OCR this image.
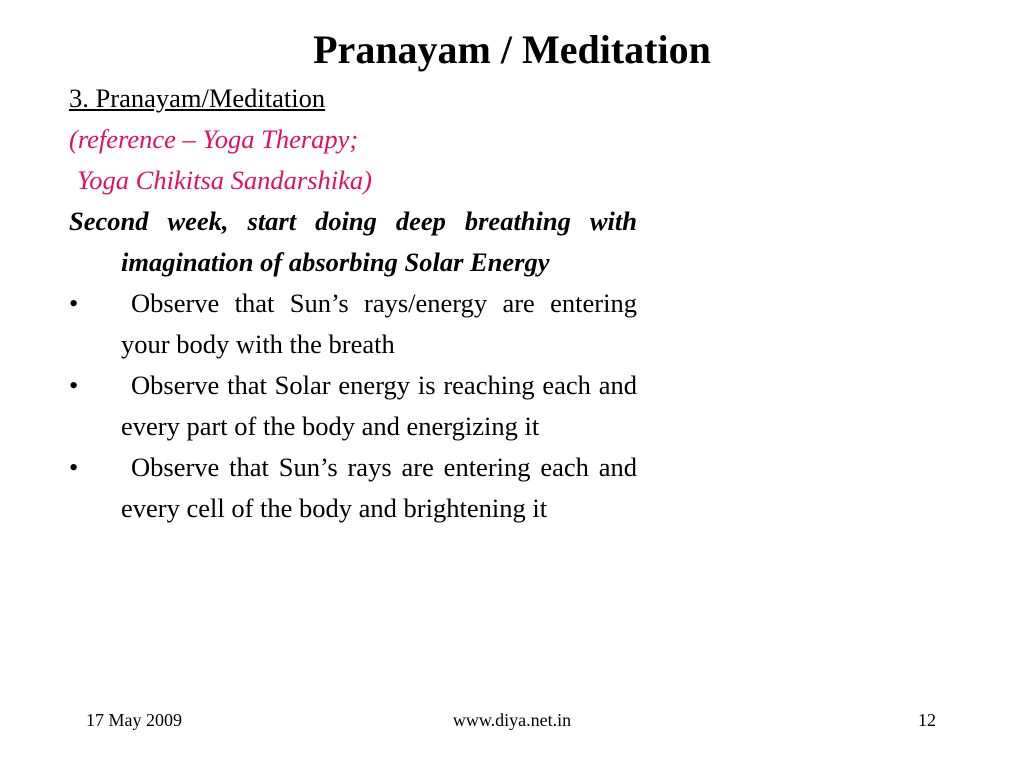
Pranayam / Meditation

3. Pranayam/Meditation

(reference – Yoga Therapy;

Yoga Chikitsa Sandarshika)

Second week, start doing deep breathing with imagination of absorbing Solar Energy

•	Observe that Sun’s rays/energy are entering your body with the breath
•	Observe that Solar energy is reaching each and every part of the body and energizing it
•	Observe that Sun’s rays are entering each and every cell of the body and brightening it

17 May 2009	www.diya.net.in	12
